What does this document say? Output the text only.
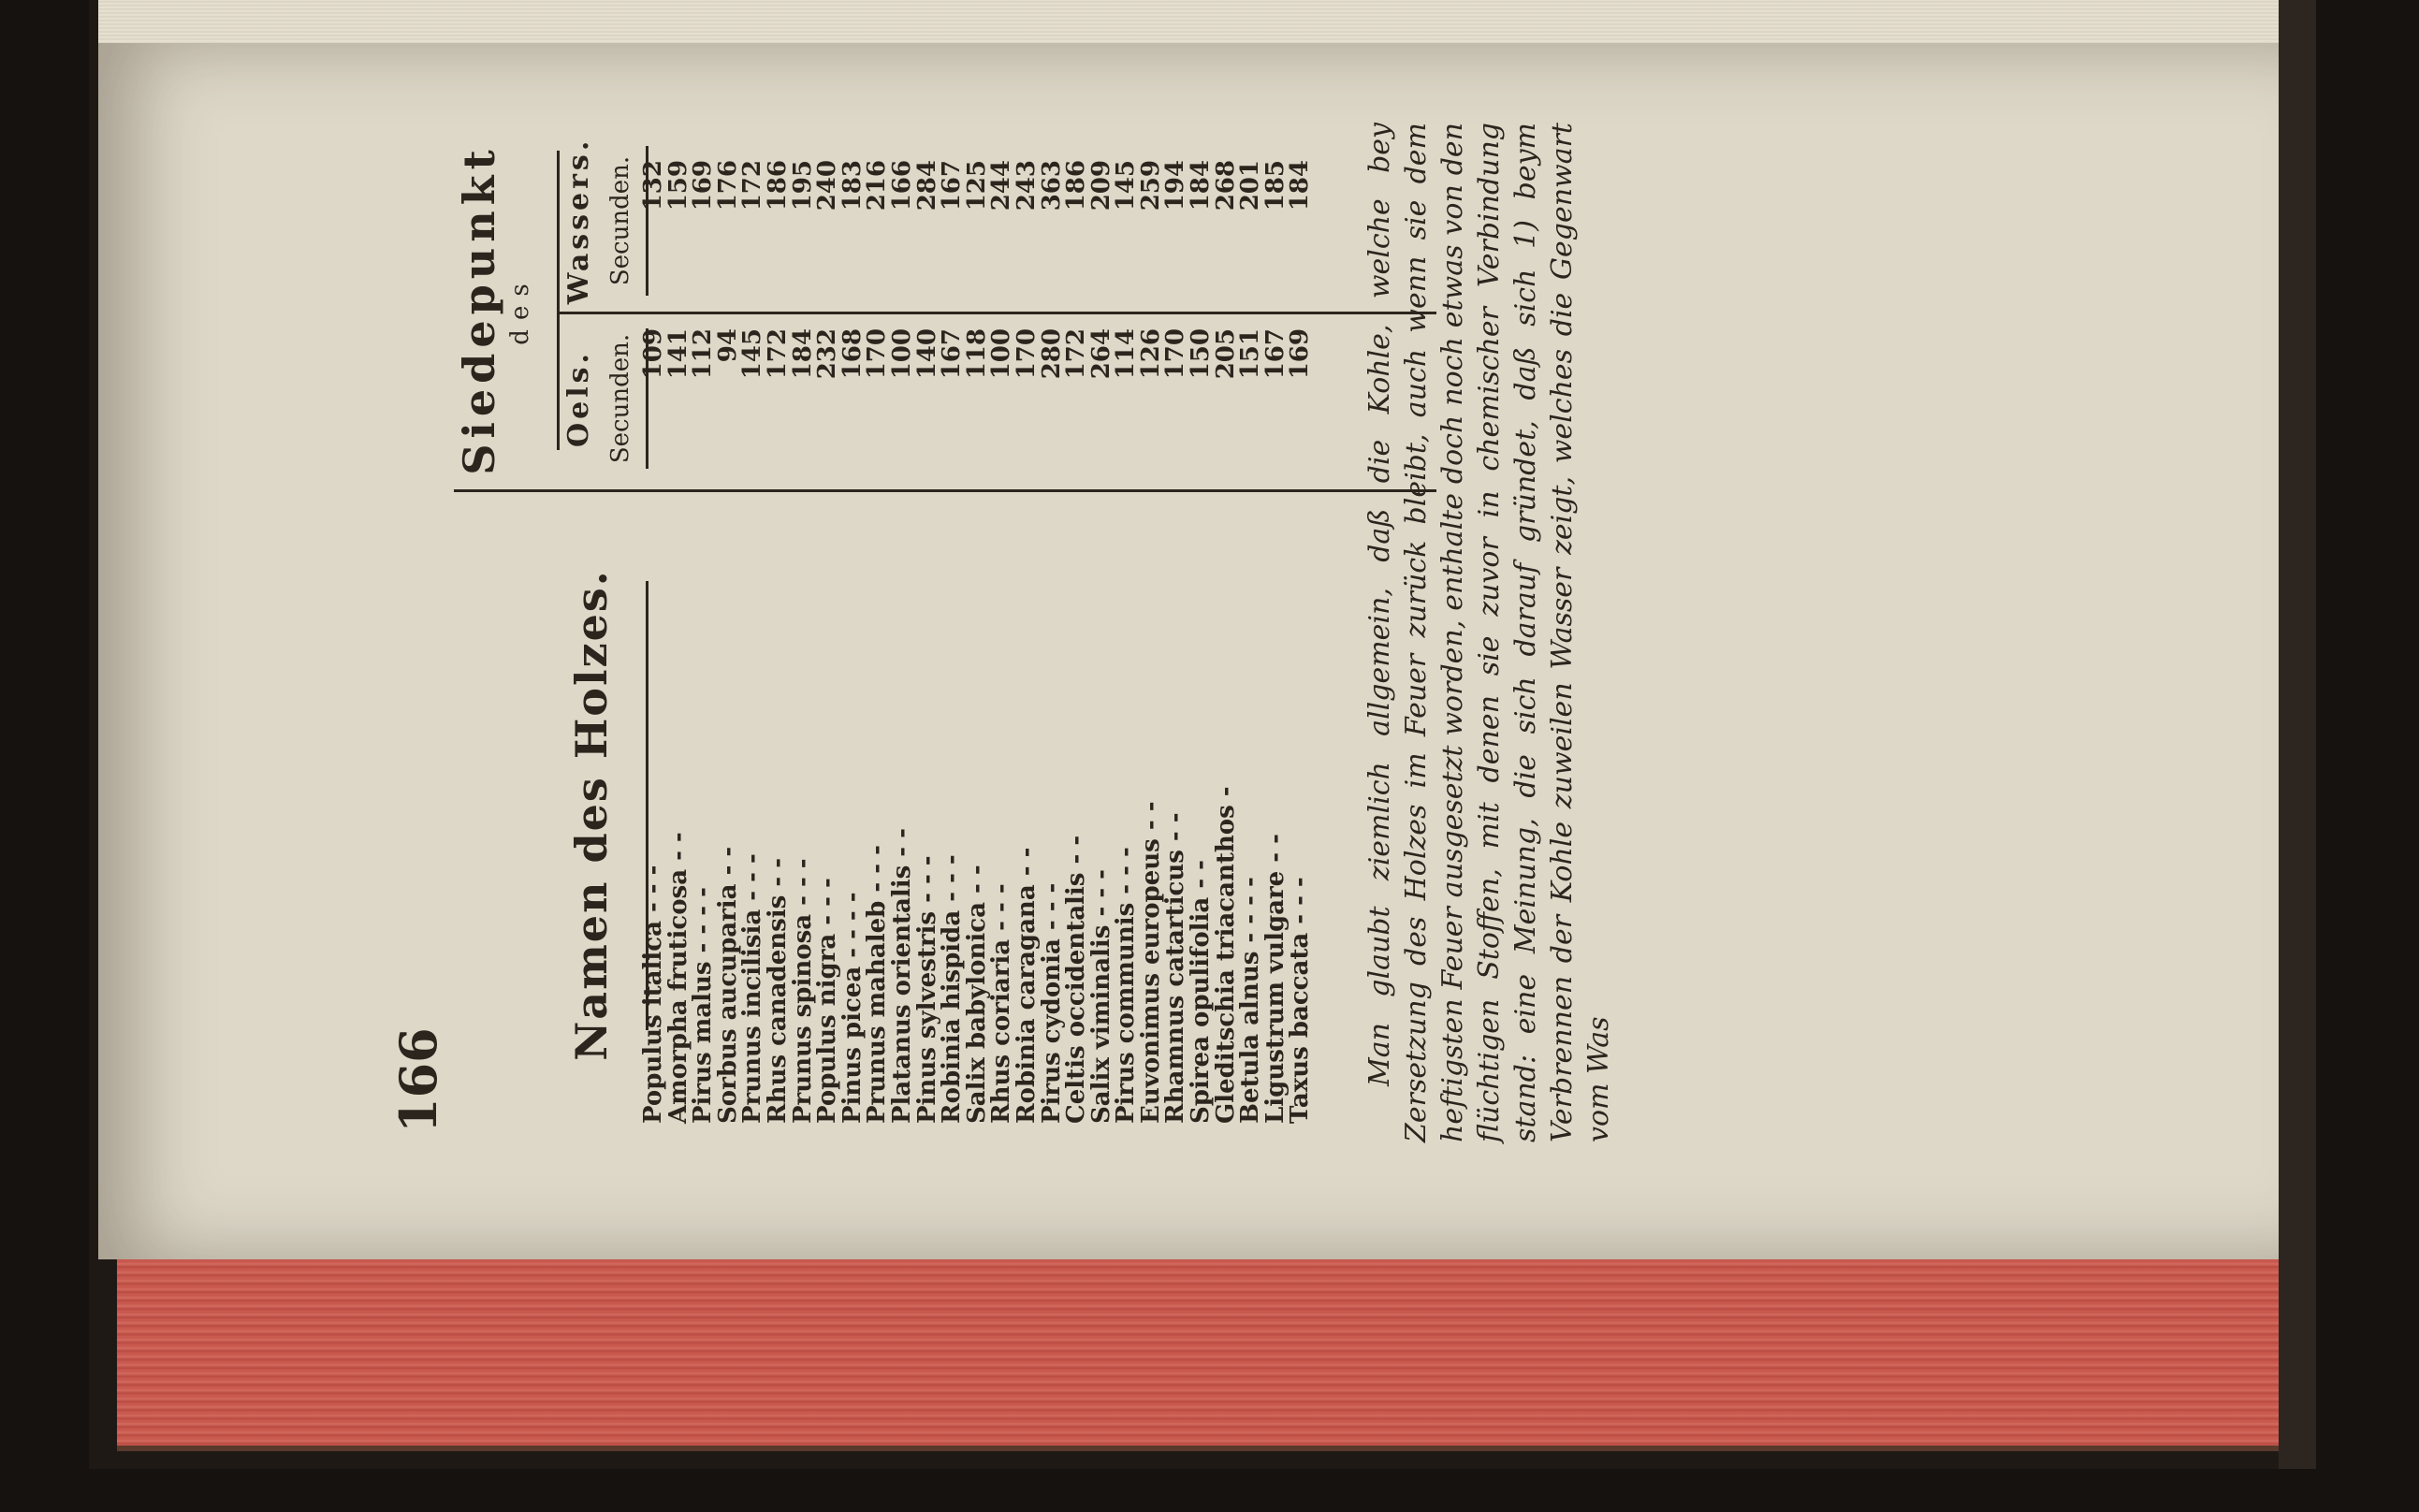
166
Namen des Holzes.
Siedepunkt des
Oels. Secunden.
Wassers. Secunden.
Populus italica - - -
109
132
Amorpha fruticosa - -
141
159
Pirus malus - - - -
112
169
Sorbus aucuparia - -
94
176
Prunus incilisia - - -
145
172
Rhus canadensis - -
172
186
Prunus spinosa - - -
184
195
Populus nigra - - -
232
240
Pinus picea - - - -
168
183
Prunus mahaleb - - -
170
216
Platanus orientalis - -
100
166
Pinus sylvestris - - -
140
284
Robinia hispida - - -
167
167
Salix babylonica - -
118
125
Rhus coriaria - - -
100
244
Robinia caragana - -
170
243
Pirus cydonia - - -
280
363
Celtis occidentalis - -
172
186
Salix viminalis - - -
264
209
Pirus communis - - -
114
145
Euvonimus europeus - -
126
259
Rhamnus catarticus - -
170
194
Spirea opulifolia - -
150
184
Gleditschia triacanthos -
205
268
Betula alnus - - - -
151
201
Ligustrum vulgare - -
167
185
Taxus baccata - - -
169
184 Man glaubt ziemlich allgemein, daß die Kohle, welche bey Zersetzung des Holzes im Feuer zurück bleibt, auch wenn sie dem heftigsten Feuer ausgesetzt worden, enthalte doch noch etwas von den flüchtigen Stoffen, mit denen sie zuvor in chemischer Verbindung stand: eine Meinung, die sich darauf gründet, daß sich 1) beym Verbrennen der Kohle zuweilen Wasser zeigt, welches die Gegenwart vom Was
